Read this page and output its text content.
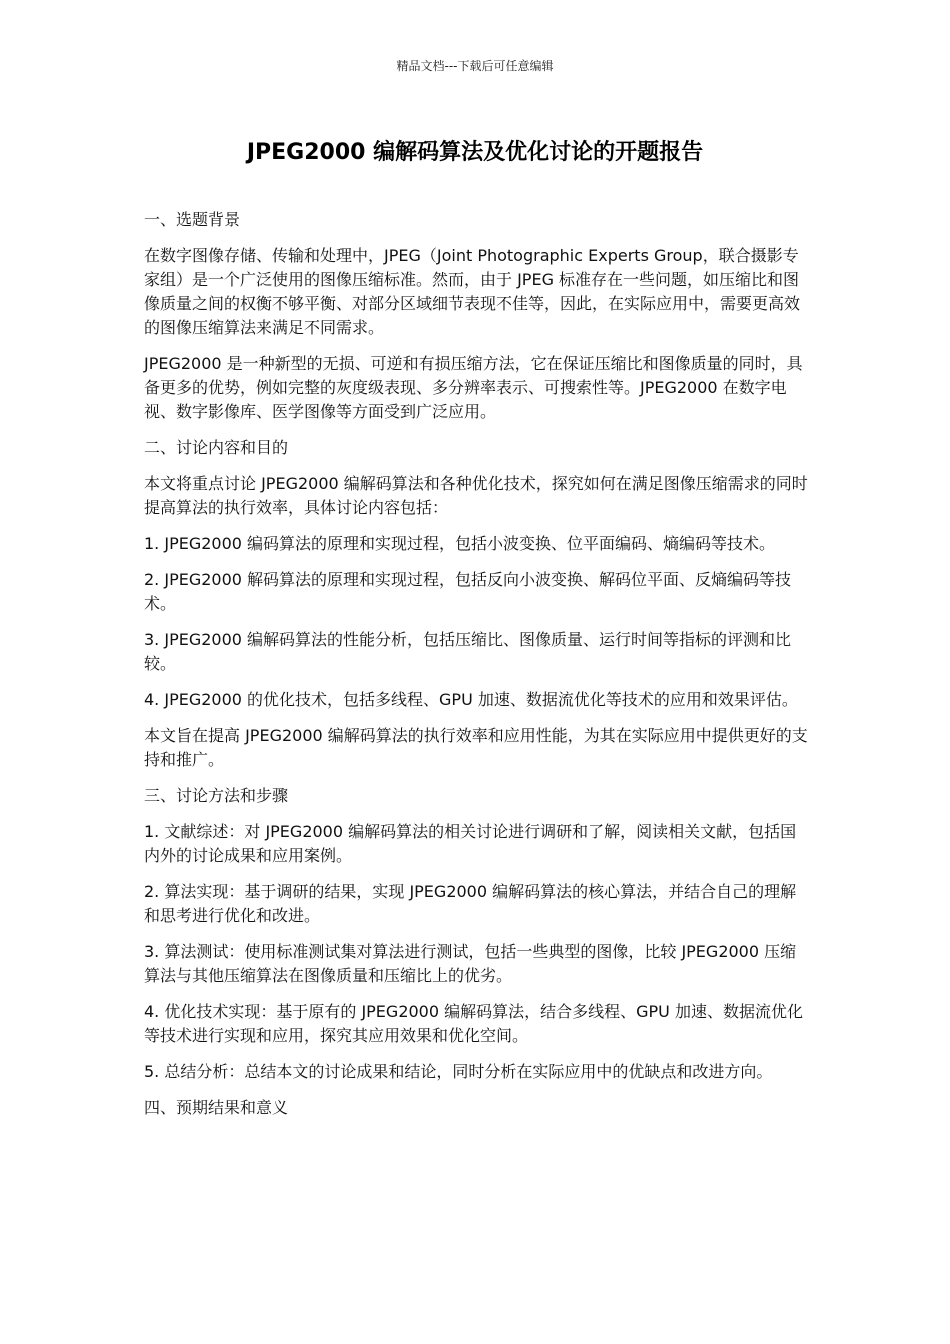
精品文档---下载后可任意编辑
JPEG2000 编解码算法及优化讨论的开题报告

一、选题背景

在数字图像存储、传输和处理中，JPEG（Joint Photographic Experts Group，联合摄影专家组）是一个广泛使用的图像压缩标准。然而，由于 JPEG 标准存在一些问题，如压缩比和图像质量之间的权衡不够平衡、对部分区域细节表现不佳等，因此，在实际应用中，需要更高效的图像压缩算法来满足不同需求。

JPEG2000 是一种新型的无损、可逆和有损压缩方法，它在保证压缩比和图像质量的同时，具备更多的优势，例如完整的灰度级表现、多分辨率表示、可搜索性等。JPEG2000 在数字电视、数字影像库、医学图像等方面受到广泛应用。

二、讨论内容和目的

本文将重点讨论 JPEG2000 编解码算法和各种优化技术，探究如何在满足图像压缩需求的同时提高算法的执行效率，具体讨论内容包括：

1. JPEG2000 编码算法的原理和实现过程，包括小波变换、位平面编码、熵编码等技术。

2. JPEG2000 解码算法的原理和实现过程，包括反向小波变换、解码位平面、反熵编码等技术。

3. JPEG2000 编解码算法的性能分析，包括压缩比、图像质量、运行时间等指标的评测和比较。

4. JPEG2000 的优化技术，包括多线程、GPU 加速、数据流优化等技术的应用和效果评估。

本文旨在提高 JPEG2000 编解码算法的执行效率和应用性能，为其在实际应用中提供更好的支持和推广。

三、讨论方法和步骤

1. 文献综述：对 JPEG2000 编解码算法的相关讨论进行调研和了解，阅读相关文献，包括国内外的讨论成果和应用案例。

2. 算法实现：基于调研的结果，实现 JPEG2000 编解码算法的核心算法，并结合自己的理解和思考进行优化和改进。

3. 算法测试：使用标准测试集对算法进行测试，包括一些典型的图像，比较 JPEG2000 压缩算法与其他压缩算法在图像质量和压缩比上的优劣。

4. 优化技术实现：基于原有的 JPEG2000 编解码算法，结合多线程、GPU 加速、数据流优化等技术进行实现和应用，探究其应用效果和优化空间。

5. 总结分析：总结本文的讨论成果和结论，同时分析在实际应用中的优缺点和改进方向。

四、预期结果和意义
